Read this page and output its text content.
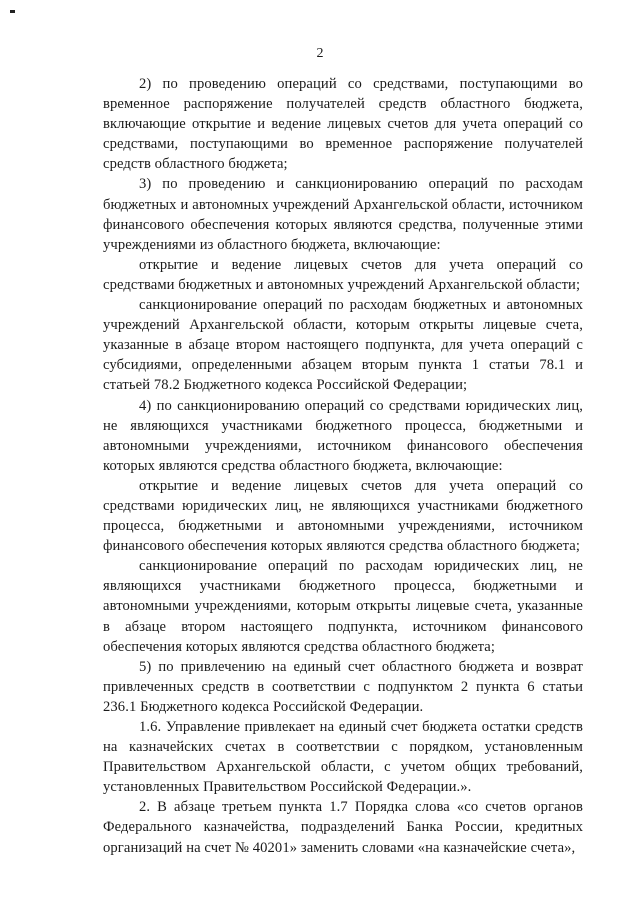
2

2) по проведению операций со средствами, поступающими во временное распоряжение получателей средств областного бюджета, включающие открытие и ведение лицевых счетов для учета операций со средствами, поступающими во временное распоряжение получателей средств областного бюджета;

3) по проведению и санкционированию операций по расходам бюджетных и автономных учреждений Архангельской области, источником финансового обеспечения которых являются средства, полученные этими учреждениями из областного бюджета, включающие:

открытие и ведение лицевых счетов для учета операций со средствами бюджетных и автономных учреждений Архангельской области;

санкционирование операций по расходам бюджетных и автономных учреждений Архангельской области, которым открыты лицевые счета, указанные в абзаце втором настоящего подпункта, для учета операций с субсидиями, определенными абзацем вторым пункта 1 статьи 78.1 и статьей 78.2 Бюджетного кодекса Российской Федерации;

4) по санкционированию операций со средствами юридических лиц, не являющихся участниками бюджетного процесса, бюджетными и автономными учреждениями, источником финансового обеспечения которых являются средства областного бюджета, включающие:

открытие и ведение лицевых счетов для учета операций со средствами юридических лиц, не являющихся участниками бюджетного процесса, бюджетными и автономными учреждениями, источником финансового обеспечения которых являются средства областного бюджета;

санкционирование операций по расходам юридических лиц, не являющихся участниками бюджетного процесса, бюджетными и автономными учреждениями, которым открыты лицевые счета, указанные в абзаце втором настоящего подпункта, источником финансового обеспечения которых являются средства областного бюджета;

5) по привлечению на единый счет областного бюджета и возврат привлеченных средств в соответствии с подпунктом 2 пункта 6 статьи 236.1 Бюджетного кодекса Российской Федерации.

1.6. Управление привлекает на единый счет бюджета остатки средств на казначейских счетах в соответствии с порядком, установленным Правительством Архангельской области, с учетом общих требований, установленных Правительством Российской Федерации.».

2. В абзаце третьем пункта 1.7 Порядка слова «со счетов органов Федерального казначейства, подразделений Банка России, кредитных организаций на счет № 40201» заменить словами «на казначейские счета»,
